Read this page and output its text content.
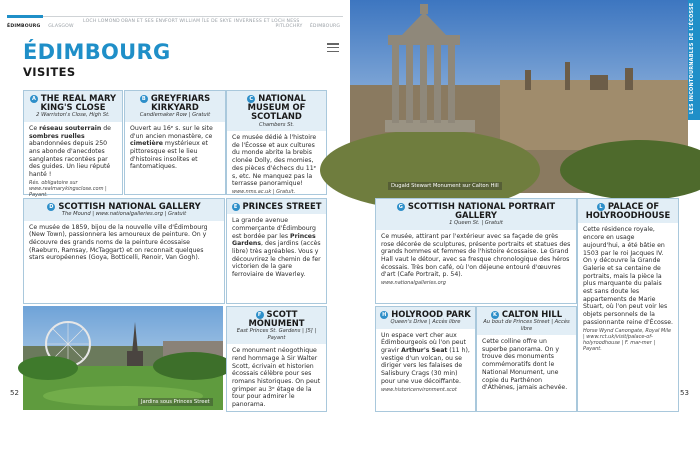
ÉDIMBOURG	GLASGOW
LOCH LOMOND OBAN ET SES ENV.
FORT WILLIAM ÎLE DE SKYE INVERNESS ET LOCH NESS
PITLOCHRY	ÉDIMBOURG
ÉDIMBOURG
VISITES
A THE REAL MARY KING'S CLOSE
2 Warriston's Close, High St.
Ce réseau souterrain de sombres ruelles abandonnées depuis 250 ans abonde d'anecdotes sanglantes racontées par des guides. Un lieu réputé hanté !
Rés. obligatoire sur www.realmarykingsclose.com | Payant.
B GREYFRIARS KIRKYARD
Candlemaker Row | Gratuit
Ouvert au 16ᵉ s. sur le site d'un ancien monastère, ce cimetière mystérieux et pittoresque est le lieu d'histoires insolites et fantomatiques.
C NATIONAL MUSEUM OF SCOTLAND
Chambers St.
Ce musée dédié à l'histoire de l'Écosse et aux cultures du monde abrite la brebis clonée Dolly, des momies, des pièces d'échecs du 11ᵉ s, etc. Ne manquez pas la terrasse panoramique!
www.nms.ac.uk | Gratuit.
D SCOTTISH NATIONAL GALLERY
The Mound | www.nationalgalleries.org | Gratuit
Ce musée de 1859, bijou de la nouvelle ville d'Édimbourg (New Town), passionnera les amoureux de peinture. On y découvre des grands noms de la peinture écossaise (Raeburn, Ramsay, McTaggart) et on reconnait quelques stars européennes (Goya, Botticelli, Renoir, Van Gogh).
E PRINCES STREET
La grande avenue commerçante d'Édimbourg est bordée par les Princes Gardens, des jardins (accès libre) très agréables. Vous y découvrirez le chemin de fer victorien de la gare ferroviaire de Waverley.
Jardins sous Princes Street
F SCOTT MONUMENT
East Princes St. Gardens | [5] | Payant
Ce monument néogothique rend hommage à Sir Walter Scott, écrivain et historien écossais célèbre pour ses romans historiques. On peut grimper au 3ᵉ étage de la tour pour admirer le panorama.
52
Dugald Stewart Monument sur Calton Hill
LES INCONTOURNABLES DE L'ÉCOSSE
G SCOTTISH NATIONAL PORTRAIT GALLERY
1 Queen St. | Gratuit
Ce musée, attirant par l'extérieur avec sa façade de grès rose décorée de sculptures, présente portraits et statues des grands hommes et femmes de l'histoire écossaise. Le Grand Hall vaut le détour, avec sa fresque chronologique des héros écossais. Très bon café, où l'on déjeune entouré d'œuvres d'art (Cafe Portrait, p. 54).
www.nationalgalleries.org
L PALACE OF HOLYROODHOUSE
Cette résidence royale, encore en usage aujourd'hui, a été bâtie en 1503 par le roi Jacques IV. On y découvre la Grande Galerie et sa centaine de portraits, mais la pièce la plus marquante du palais est sans doute les appartements de Marie Stuart, où l'on peut voir les objets personnels de la passionnante reine d'Écosse.
Horse Wynd Canongate, Royal Mile | www.rct.uk/visit/palace-of-holyroodhouse | F. mar-mer | Payant.
H HOLYROOD PARK
Queen's Drive | Accès libre
Un espace vert cher aux Édimbourgeois où l'on peut gravir Arthur's Seat (11 h), vestige d'un volcan, ou se diriger vers les falaises de Salisbury Crags (30 min) pour une vue décoiffante.
www.historicenvironment.scot
K CALTON HILL
Au bout de Princes Street | Accès libre
Cette colline offre un superbe panorama. On y trouve des monuments commémoratifs dont le National Monument, une copie du Parthénon d'Athènes, jamais achevée.
53
